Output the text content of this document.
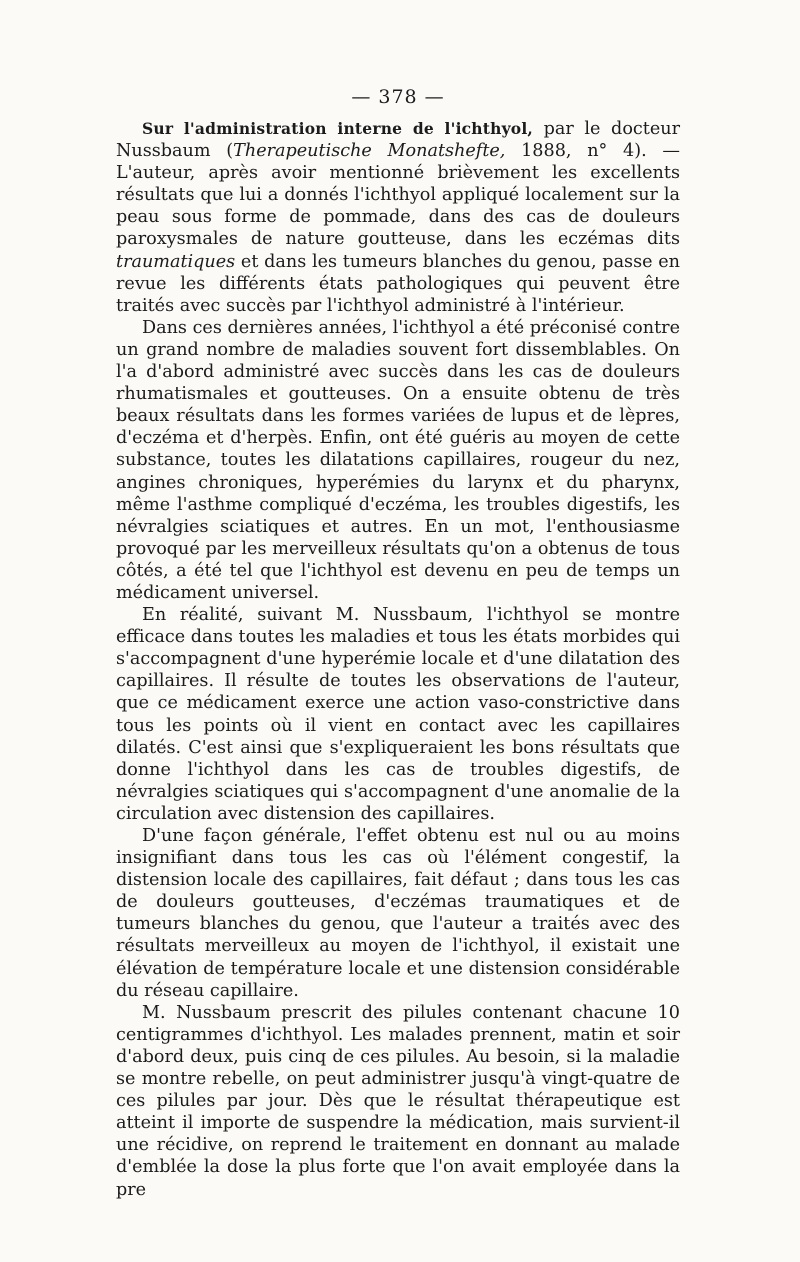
— 378 —

Sur l'administration interne de l'ichthyol, par le docteur Nussbaum (Therapeutische Monatshefte, 1888, n° 4). — L'auteur, après avoir mentionné brièvement les excellents résultats que lui a donnés l'ichthyol appliqué localement sur la peau sous forme de pommade, dans des cas de douleurs paroxysmales de nature goutteuse, dans les eczémas dits traumatiques et dans les tumeurs blanches du genou, passe en revue les différents états pathologiques qui peuvent être traités avec succès par l'ichthyol administré à l'intérieur.

Dans ces dernières années, l'ichthyol a été préconisé contre un grand nombre de maladies souvent fort dissemblables. On l'a d'abord administré avec succès dans les cas de douleurs rhumatismales et goutteuses. On a ensuite obtenu de très beaux résultats dans les formes variées de lupus et de lèpres, d'eczéma et d'herpès. Enfin, ont été guéris au moyen de cette substance, toutes les dilatations capillaires, rougeur du nez, angines chroniques, hyperémies du larynx et du pharynx, même l'asthme compliqué d'eczéma, les troubles digestifs, les névralgies sciatiques et autres. En un mot, l'enthousiasme provoqué par les merveilleux résultats qu'on a obtenus de tous côtés, a été tel que l'ichthyol est devenu en peu de temps un médicament universel.

En réalité, suivant M. Nussbaum, l'ichthyol se montre efficace dans toutes les maladies et tous les états morbides qui s'accompagnent d'une hyperémie locale et d'une dilatation des capillaires. Il résulte de toutes les observations de l'auteur, que ce médicament exerce une action vaso-constrictive dans tous les points où il vient en contact avec les capillaires dilatés. C'est ainsi que s'expliqueraient les bons résultats que donne l'ichthyol dans les cas de troubles digestifs, de névralgies sciatiques qui s'accompagnent d'une anomalie de la circulation avec distension des capillaires.

D'une façon générale, l'effet obtenu est nul ou au moins insignifiant dans tous les cas où l'élément congestif, la distension locale des capillaires, fait défaut ; dans tous les cas de douleurs goutteuses, d'eczémas traumatiques et de tumeurs blanches du genou, que l'auteur a traités avec des résultats merveilleux au moyen de l'ichthyol, il existait une élévation de température locale et une distension considérable du réseau capillaire.

M. Nussbaum prescrit des pilules contenant chacune 10 centigrammes d'ichthyol. Les malades prennent, matin et soir d'abord deux, puis cinq de ces pilules. Au besoin, si la maladie se montre rebelle, on peut administrer jusqu'à vingt-quatre de ces pilules par jour. Dès que le résultat thérapeutique est atteint il importe de suspendre la médication, mais survient-il une récidive, on reprend le traitement en donnant au malade d'emblée la dose la plus forte que l'on avait employée dans la pre
